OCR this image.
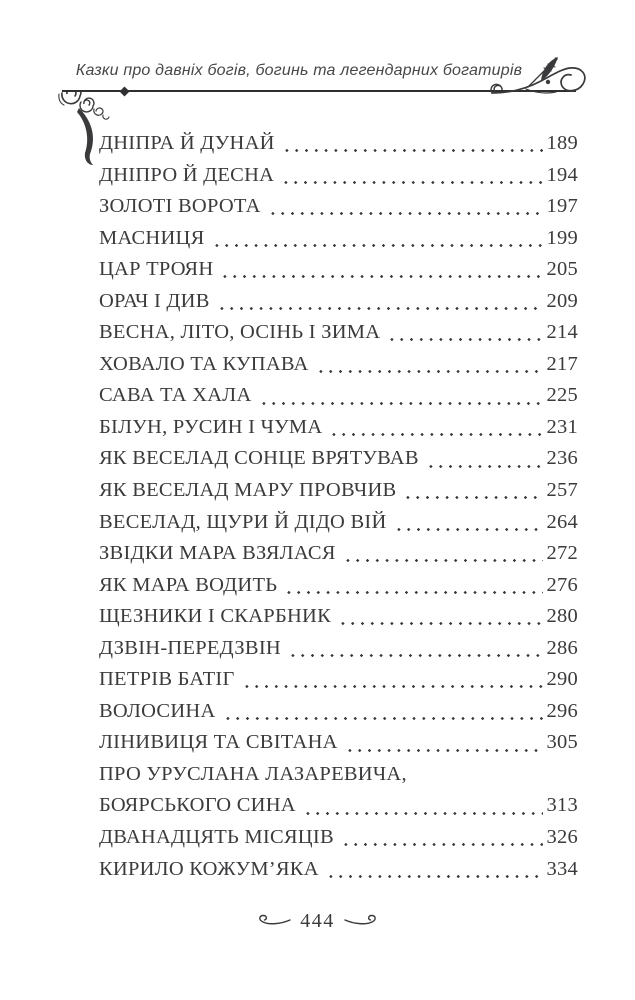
Казки про давніх богів, богинь та легендарних богатирів
ДНІПРА Й ДУНАЙ	189
ДНІПРО Й ДЕСНА	194
ЗОЛОТІ ВОРОТА	197
МАСНИЦЯ	199
ЦАР ТРОЯН	205
ОРАЧ І ДИВ	209
ВЕСНА, ЛІТО, ОСІНЬ І ЗИМА	214
ХОВАЛО ТА КУПАВА	217
САВА ТА ХАЛА	225
БІЛУН, РУСИН І ЧУМА	231
ЯК ВЕСЕЛАД СОНЦЕ ВРЯТУВАВ	236
ЯК ВЕСЕЛАД МАРУ ПРОВЧИВ	257
ВЕСЕЛАД, ЩУРИ Й ДІДО ВІЙ	264
ЗВІДКИ МАРА ВЗЯЛАСЯ	272
ЯК МАРА ВОДИТЬ	276
ЩЕЗНИКИ І СКАРБНИК	280
ДЗВІН-ПЕРЕДЗВІН	286
ПЕТРІВ БАТІГ	290
ВОЛОСИНА	296
ЛІНИВИЦЯ ТА СВІТАНА	305
ПРО УРУСЛАНА ЛАЗАРЕВИЧА,
БОЯРСЬКОГО СИНА	313
ДВАНАДЦЯТЬ МІСЯЦІВ	326
КИРИЛО КОЖУМ’ЯКА	334
444
